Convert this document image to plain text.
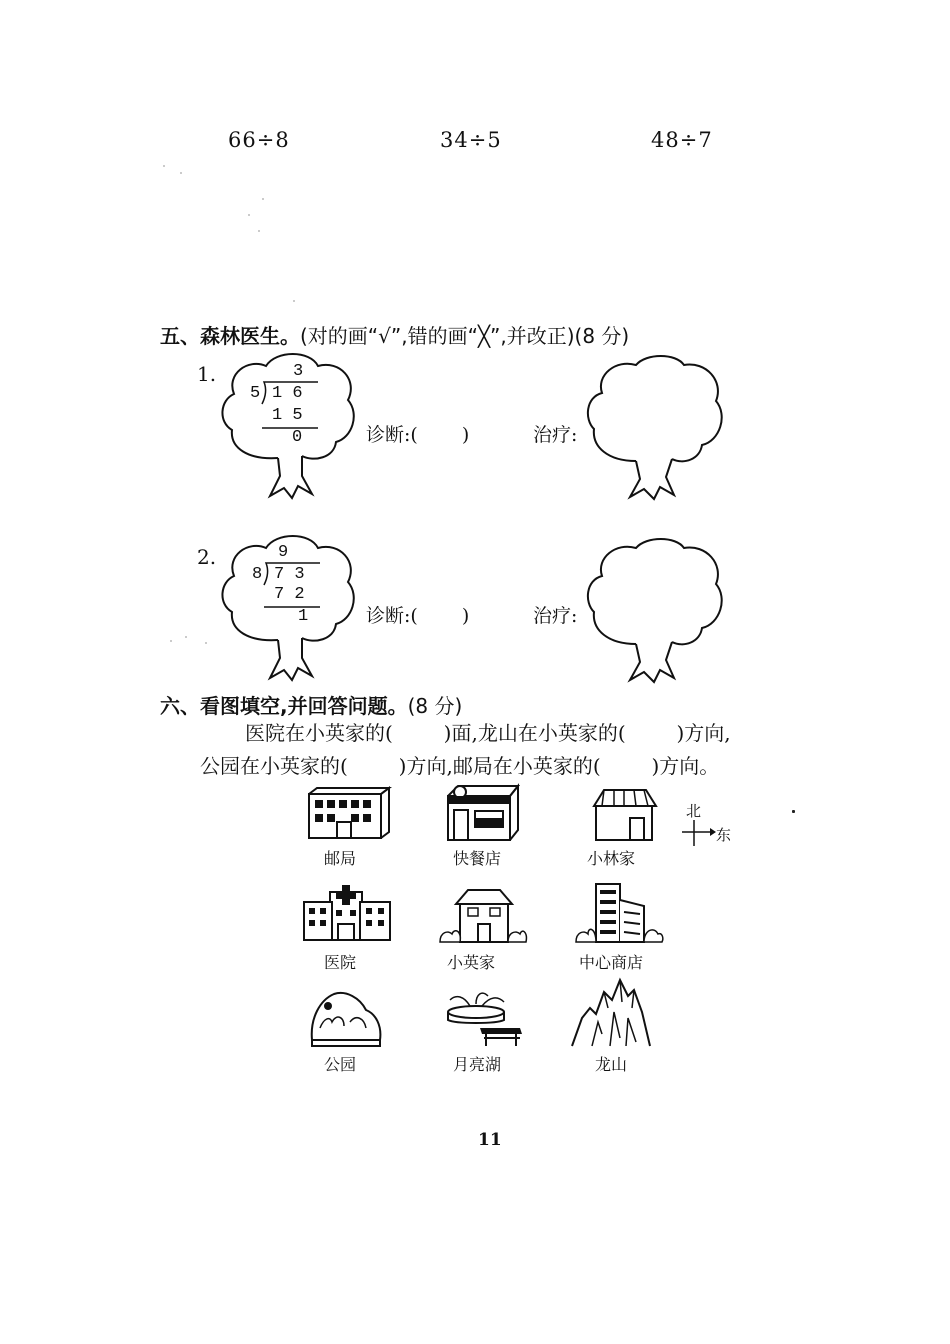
66÷8	34÷5	48÷7
五、森林医生。(对的画“√”,错的画“╳”,并改正)(8 分)
1.	3
5 1 6
1 5
0	诊断:( )	治疗:
2.	9
8 7 3
7 2
1	诊断:( )	治疗:
六、看图填空,并回答问题。(8 分)
医院在小英家的(        )面,龙山在小英家的(        )方向,
公园在小英家的(        )方向,邮局在小英家的(        )方向。
邮局	快餐店	小林家
北
东
医院	小英家	中心商店
公园	月亮湖	龙山
11
